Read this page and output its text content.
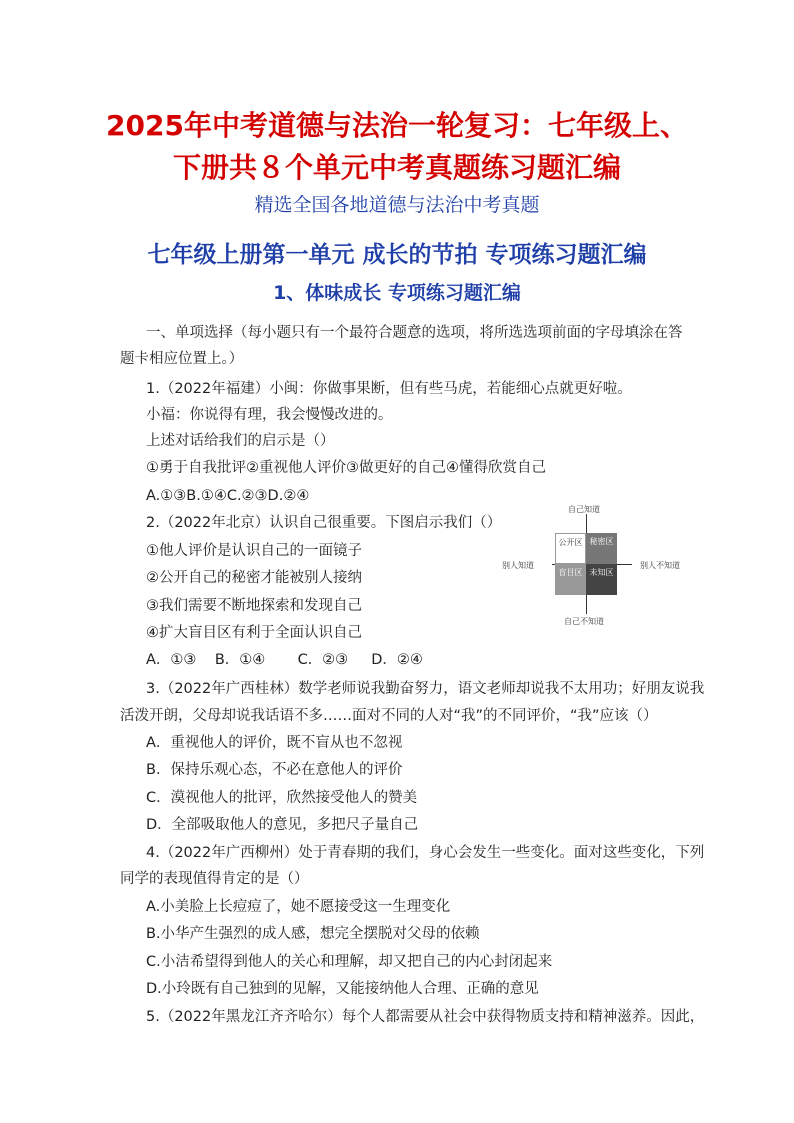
2025年中考道德与法治一轮复习：七年级上、
下册共８个单元中考真题练习题汇编
精选全国各地道德与法治中考真题
七年级上册第一单元 成长的节拍 专项练习题汇编
1、体味成长 专项练习题汇编
一、单项选择（每小题只有一个最符合题意的选项，将所选选项前面的字母填涂在答
题卡相应位置上。）
1.（2022年福建）小闽：你做事果断，但有些马虎，若能细心点就更好啦。
小福：你说得有理，我会慢慢改进的。
上述对话给我们的启示是（）
①勇于自我批评②重视他人评价③做更好的自己④懂得欣赏自己
A.①③B.①④C.②③D.②④
2.（2022年北京）认识自己很重要。下图启示我们（）
①他人评价是认识自己的一面镜子
②公开自己的秘密才能被别人接纳
③我们需要不断地探索和发现自己
④扩大盲目区有利于全面认识自己
A．①③    B．①④       C．②③     D．②④
自己知道
自己不知道
别人知道	别人不知道
公开区 秘密区
盲目区 未知区
3.（2022年广西桂林）数学老师说我勤奋努力，语文老师却说我不太用功；好朋友说我
活泼开朗，父母却说我话语不多……面对不同的人对“我”的不同评价，“我”应该（）
A．重视他人的评价，既不盲从也不忽视
B．保持乐观心态，不必在意他人的评价
C．漠视他人的批评，欣然接受他人的赞美
D．全部吸取他人的意见，多把尺子量自己
4.（2022年广西柳州）处于青春期的我们，身心会发生一些变化。面对这些变化，下列
同学的表现值得肯定的是（）
A.小美脸上长痘痘了，她不愿接受这一生理变化
B.小华产生强烈的成人感，想完全摆脱对父母的依赖
C.小洁希望得到他人的关心和理解，却又把自己的内心封闭起来
D.小玲既有自己独到的见解，又能接纳他人合理、正确的意见
5.（2022年黑龙江齐齐哈尔）每个人都需要从社会中获得物质支持和精神滋养。因此，
